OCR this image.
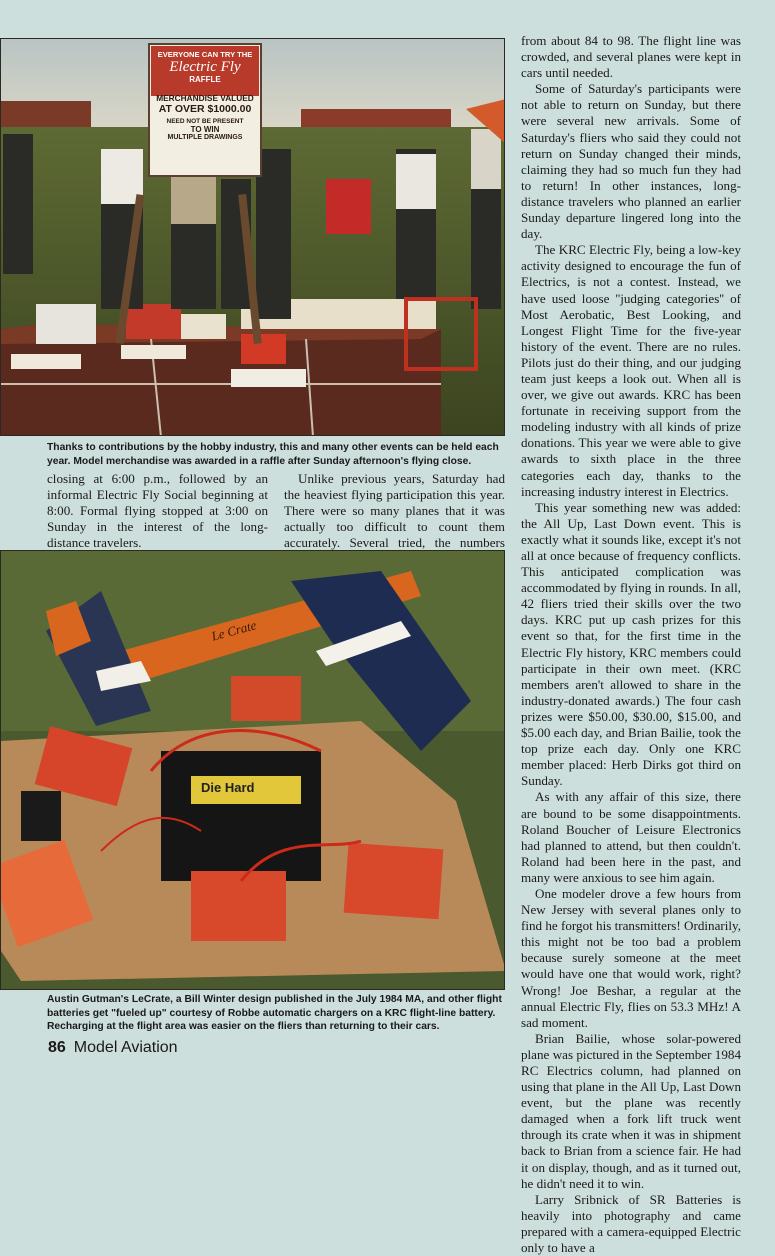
EVERYONE CAN TRY THE
Electric Fly
RAFFLE
MERCHANDISE VALUED
AT OVER $1000.00
NEED NOT BE PRESENT
TO WIN
MULTIPLE DRAWINGS
Thanks to contributions by the hobby industry, this and many other events can be held each year. Model merchandise was awarded in a raffle after Sunday afternoon's flying close.

closing at 6:00 p.m., followed by an informal Electric Fly Social beginning at 8:00. Formal flying stopped at 3:00 on Sunday in the interest of the long-distance travelers.

Unlike previous years, Saturday had the heaviest flying participation this year. There were so many planes that it was actually too difficult to count them accurately. Several tried, the numbers

Le Crate
Die Hard
Austin Gutman's LeCrate, a Bill Winter design published in the July 1984 MA, and other flight batteries get "fueled up" courtesy of Robbe automatic chargers on a KRC flight-line battery. Recharging at the flight area was easier on the fliers than returning to their cars.

from about 84 to 98. The flight line was crowded, and several planes were kept in cars until needed.

Some of Saturday's participants were not able to return on Sunday, but there were several new arrivals. Some of Saturday's fliers who said they could not return on Sunday changed their minds, claiming they had so much fun they had to return! In other instances, long-distance travelers who planned an earlier Sunday departure lingered long into the day.

The KRC Electric Fly, being a low-key activity designed to encourage the fun of Electrics, is not a contest. Instead, we have used loose ''judging categories'' of Most Aerobatic, Best Looking, and Longest Flight Time for the five-year history of the event. There are no rules. Pilots just do their thing, and our judging team just keeps a look out. When all is over, we give out awards. KRC has been fortunate in receiving support from the modeling industry with all kinds of prize donations. This year we were able to give awards to sixth place in the three categories each day, thanks to the increasing industry interest in Electrics.

This year something new was added: the All Up, Last Down event. This is exactly what it sounds like, except it's not all at once because of frequency conflicts. This anticipated complication was accommodated by flying in rounds. In all, 42 fliers tried their skills over the two days. KRC put up cash prizes for this event so that, for the first time in the Electric Fly history, KRC members could participate in their own meet. (KRC members aren't allowed to share in the industry-donated awards.) The four cash prizes were $50.00, $30.00, $15.00, and $5.00 each day, and Brian Bailie, took the top prize each day. Only one KRC member placed: Herb Dirks got third on Sunday.

As with any affair of this size, there are bound to be some disappointments. Roland Boucher of Leisure Electronics had planned to attend, but then couldn't. Roland had been here in the past, and many were anxious to see him again.

One modeler drove a few hours from New Jersey with several planes only to find he forgot his transmitters! Ordinarily, this might not be too bad a problem because surely someone at the meet would have one that would work, right? Wrong! Joe Beshar, a regular at the annual Electric Fly, flies on 53.3 MHz! A sad moment.

Brian Bailie, whose solar-powered plane was pictured in the September 1984 RC Electrics column, had planned on using that plane in the All Up, Last Down event, but the plane was recently damaged when a fork lift truck went through its crate when it was in shipment back to Brian from a science fair. He had it on display, though, and as it turned out, he didn't need it to win.

Larry Sribnick of SR Batteries is heavily into photography and came prepared with a camera-equipped Electric only to have a

86 Model Aviation
